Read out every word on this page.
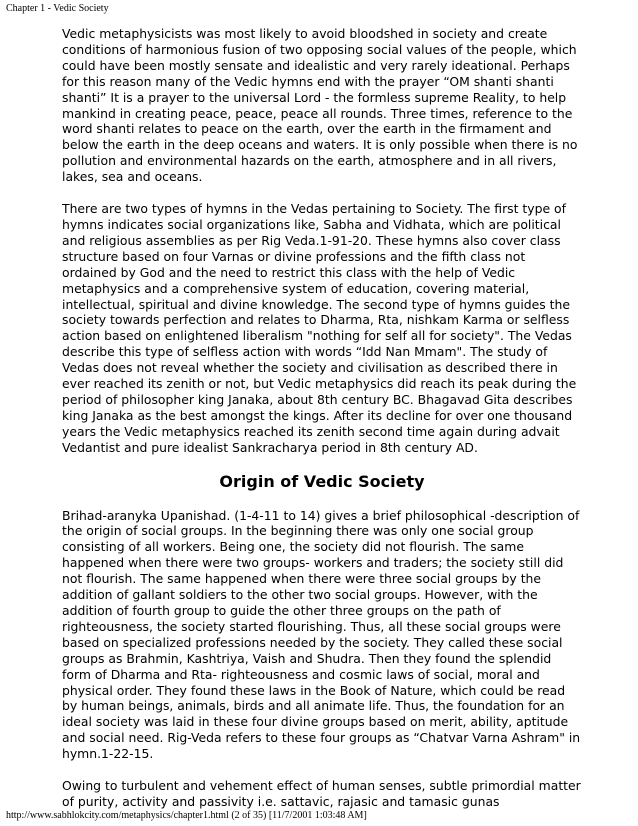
Chapter 1 - Vedic Society

Vedic metaphysicists was most likely to avoid bloodshed in society and create conditions of harmonious fusion of two opposing social values of the people, which could have been mostly sensate and idealistic and very rarely ideational. Perhaps for this reason many of the Vedic hymns end with the prayer “OM shanti shanti shanti” It is a prayer to the universal Lord - the formless supreme Reality, to help mankind in creating peace, peace, peace all rounds. Three times, reference to the word shanti relates to peace on the earth, over the earth in the firmament and below the earth in the deep oceans and waters. It is only possible when there is no pollution and environmental hazards on the earth, atmosphere and in all rivers, lakes, sea and oceans.

There are two types of hymns in the Vedas pertaining to Society. The first type of hymns indicates social organizations like, Sabha and Vidhata, which are political and religious assemblies as per Rig Veda.1-91-20. These hymns also cover class structure based on four Varnas or divine professions and the fifth class not ordained by God and the need to restrict this class with the help of Vedic metaphysics and a comprehensive system of education, covering material, intellectual, spiritual and divine knowledge. The second type of hymns guides the society towards perfection and relates to Dharma, Rta, nishkam Karma or selfless action based on enlightened liberalism "nothing for self all for society". The Vedas describe this type of selfless action with words “Idd Nan Mmam". The study of Vedas does not reveal whether the society and civilisation as described there in ever reached its zenith or not, but Vedic metaphysics did reach its peak during the period of philosopher king Janaka, about 8th century BC. Bhagavad Gita describes king Janaka as the best amongst the kings. After its decline for over one thousand years the Vedic metaphysics reached its zenith second time again during advait Vedantist and pure idealist Sankracharya period in 8th century AD.

Origin of Vedic Society

Brihad-aranyka Upanishad. (1-4-11 to 14) gives a brief philosophical -description of the origin of social groups. In the beginning there was only one social group consisting of all workers. Being one, the society did not flourish. The same happened when there were two groups- workers and traders; the society still did not flourish. The same happened when there were three social groups by the addition of gallant soldiers to the other two social groups. However, with the addition of fourth group to guide the other three groups on the path of righteousness, the society started flourishing. Thus, all these social groups were based on specialized professions needed by the society. They called these social groups as Brahmin, Kashtriya, Vaish and Shudra. Then they found the splendid form of Dharma and Rta- righteousness and cosmic laws of social, moral and physical order. They found these laws in the Book of Nature, which could be read by human beings, animals, birds and all animate life. Thus, the foundation for an ideal society was laid in these four divine groups based on merit, ability, aptitude and social need. Rig-Veda refers to these four groups as “Chatvar Varna Ashram" in hymn.1-22-15.

Owing to turbulent and vehement effect of human senses, subtle primordial matter of purity, activity and passivity i.e. sattavic, rajasic and tamasic gunas

http://www.sabhlokcity.com/metaphysics/chapter1.html (2 of 35) [11/7/2001 1:03:48 AM]
